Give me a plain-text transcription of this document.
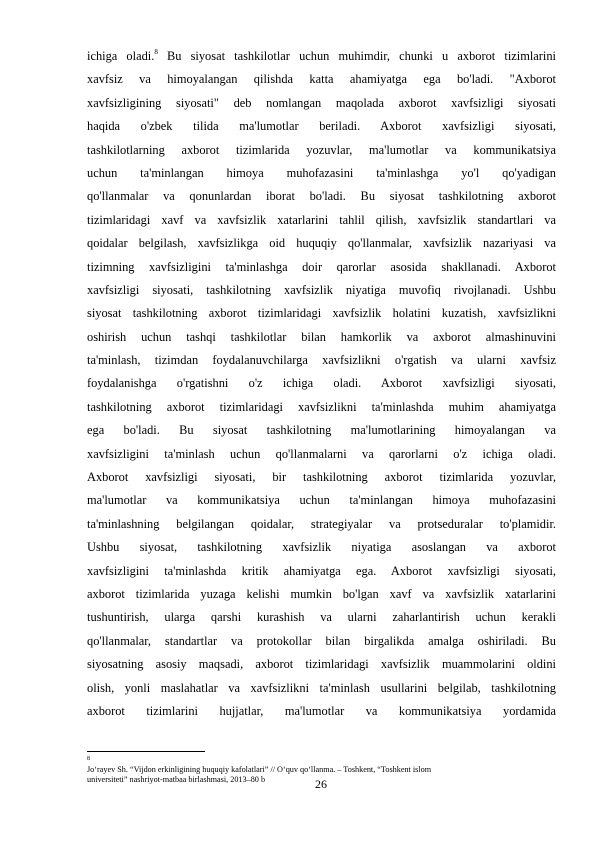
ichiga oladi.$^8$ Bu siyosat tashkilotlar uchun muhimdir, chunki u axborot tizimlarini
xavfsiz va himoyalangan qilishda katta ahamiyatga ega bo'ladi. "Axborot
xavfsizligining siyosati" deb nomlangan maqolada axborot xavfsizligi siyosati
haqida o'zbek tilida ma'lumotlar beriladi. Axborot xavfsizligi siyosati,
tashkilotlarning axborot tizimlarida yozuvlar, ma'lumotlar va kommunikatsiya
uchun ta'minlangan himoya muhofazasini ta'minlashga yo'l qo'yadigan
qo'llanmalar va qonunlardan iborat bo'ladi. Bu siyosat tashkilotning axborot
tizimlaridagi xavf va xavfsizlik xatarlarini tahlil qilish, xavfsizlik standartlari va
qoidalar belgilash, xavfsizlikga oid huquqiy qo'llanmalar, xavfsizlik nazariyasi va
tizimning xavfsizligini ta'minlashga doir qarorlar asosida shakllanadi. Axborot
xavfsizligi siyosati, tashkilotning xavfsizlik niyatiga muvofiq rivojlanadi. Ushbu
siyosat tashkilotning axborot tizimlaridagi xavfsizlik holatini kuzatish, xavfsizlikni
oshirish uchun tashqi tashkilotlar bilan hamkorlik va axborot almashinuvini
ta'minlash, tizimdan foydalanuvchilarga xavfsizlikni o'rgatish va ularni xavfsiz
foydalanishga o'rgatishni o'z ichiga oladi. Axborot xavfsizligi siyosati,
tashkilotning axborot tizimlaridagi xavfsizlikni ta'minlashda muhim ahamiyatga
ega bo'ladi. Bu siyosat tashkilotning ma'lumotlarining himoyalangan va
xavfsizligini ta'minlash uchun qo'llanmalarni va qarorlarni o'z ichiga oladi.
Axborot xavfsizligi siyosati, bir tashkilotning axborot tizimlarida yozuvlar,
ma'lumotlar va kommunikatsiya uchun ta'minlangan himoya muhofazasini
ta'minlashning belgilangan qoidalar, strategiyalar va protseduralar to'plamidir.
Ushbu siyosat, tashkilotning xavfsizlik niyatiga asoslangan va axborot
xavfsizligini ta'minlashda kritik ahamiyatga ega. Axborot xavfsizligi siyosati,
axborot tizimlarida yuzaga kelishi mumkin bo'lgan xavf va xavfsizlik xatarlarini
tushuntirish, ularga qarshi kurashish va ularni zaharlantirish uchun kerakli
qo'llanmalar, standartlar va protokollar bilan birgalikda amalga oshiriladi. Bu
siyosatning asosiy maqsadi, axborot tizimlaridagi xavfsizlik muammolarini oldini
olish, yonli maslahatlar va xavfsizlikni ta'minlash usullarini belgilab, tashkilotning
axborot tizimlarini hujjatlar, ma'lumotlar va kommunikatsiya yordamida
8
Jo‘rayev Sh. “Vijdon erkinligining huquqiy kafolatlari” // O‘quv qo‘llanma. – Toshkent, “Toshkent islom
universiteti” nashriyot-matbaa birlashmasi, 2013–80 b	26
